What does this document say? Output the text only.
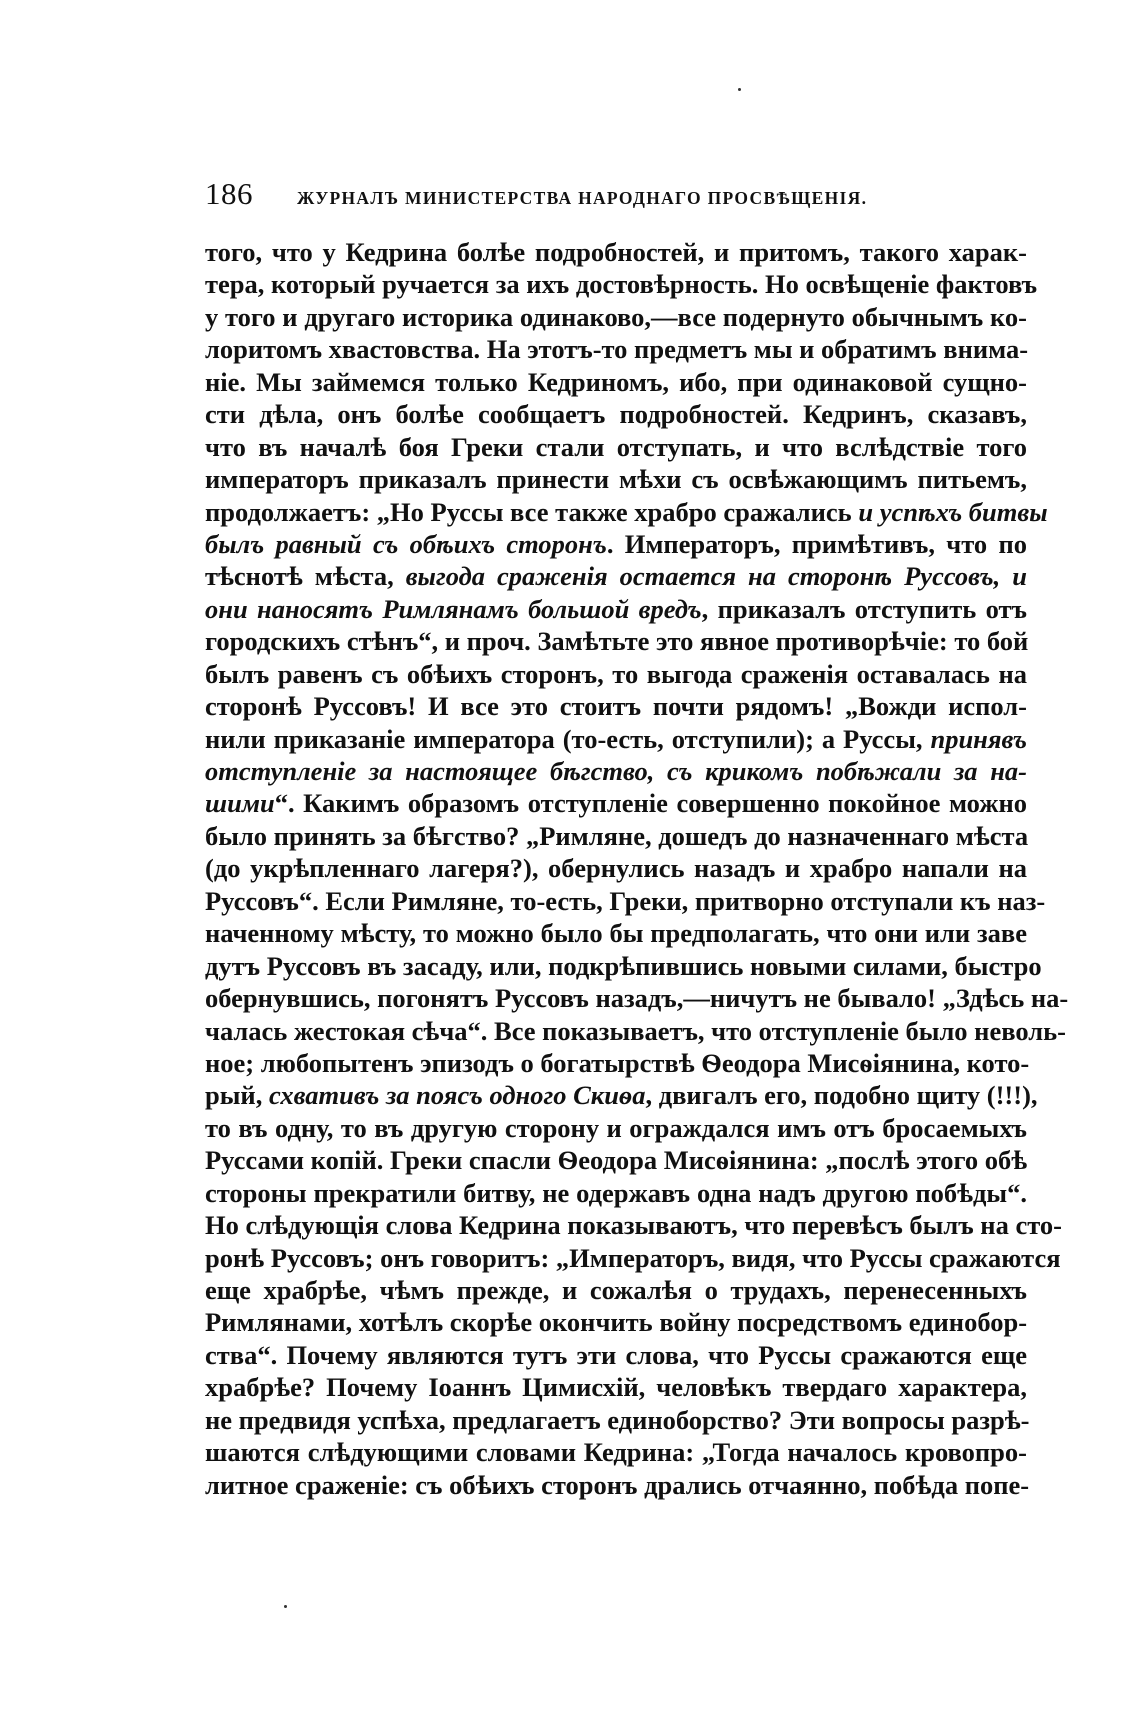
186	ЖУРНАЛЪ МИНИСТЕРСТВА НАРОДНАГО ПРОСВѢЩЕНІЯ.
того, что у Кедрина болѣе подробностей, и притомъ, такого харак-
тера, который ручается за ихъ достовѣрность. Но освѣщеніе фактовъ
у того и другаго историка одинаково,—все подернуто обычнымъ ко-
лоритомъ хвастовства. На этотъ-то предметъ мы и обратимъ внима-
ніе. Мы займемся только Кедриномъ, ибо, при одинаковой сущно-
сти дѣла, онъ болѣе сообщаетъ подробностей. Кедринъ, сказавъ,
что въ началѣ боя Греки стали отступать, и что вслѣдствіе того
императоръ приказалъ принести мѣхи съ освѣжающимъ питьемъ,
продолжаетъ: „Но Руссы все также храбро сражались и успѣхъ битвы
былъ равный съ обѣихъ сторонъ. Императоръ, примѣтивъ, что по
тѣснотѣ мѣста, выгода сраженія остается на сторонѣ Руссовъ, и
они наносятъ Римлянамъ большой вредъ, приказалъ отступить отъ
городскихъ стѣнъ“, и проч. Замѣтьте это явное противорѣчіе: то бой
былъ равенъ съ обѣихъ сторонъ, то выгода сраженія оставалась на
сторонѣ Руссовъ! И все это стоитъ почти рядомъ! „Вожди испол-
нили приказаніе императора (то-есть, отступили); а Руссы, принявъ
отступленіе за настоящее бѣгство, съ крикомъ побѣжали за на-
шими“. Какимъ образомъ отступленіе совершенно покойное можно
было принять за бѣгство? „Римляне, дошедъ до назначеннаго мѣста
(до укрѣпленнаго лагеря?), обернулись назадъ и храбро напали на
Руссовъ“. Если Римляне, то-есть, Греки, притворно отступали къ наз-
наченному мѣсту, то можно было бы предполагать, что они или заве
дутъ Руссовъ въ засаду, или, подкрѣпившись новыми силами, быстро
обернувшись, погонятъ Руссовъ назадъ,—ничутъ не бывало! „Здѣсь на-
чалась жестокая сѣча“. Все показываетъ, что отступленіе было неволь-
ное; любопытенъ эпизодъ о богатырствѣ Ѳеодора Мисѳіянина, кото-
рый, схвативъ за поясъ одного Скиѳа, двигалъ его, подобно щиту (!!!),
то въ одну, то въ другую сторону и ограждался имъ отъ бросаемыхъ
Руссами копій. Греки спасли Ѳеодора Мисѳіянина: „послѣ этого обѣ
стороны прекратили битву, не одержавъ одна надъ другою побѣды“.
Но слѣдующія слова Кедрина показываютъ, что перевѣсъ былъ на сто-
ронѣ Руссовъ; онъ говоритъ: „Императоръ, видя, что Руссы сражаются
еще храбрѣе, чѣмъ прежде, и сожалѣя о трудахъ, перенесенныхъ
Римлянами, хотѣлъ скорѣе окончить войну посредствомъ единобор-
ства“. Почему являются тутъ эти слова, что Руссы сражаются еще
храбрѣе? Почему Іоаннъ Цимисхій, человѣкъ твердаго характера,
не предвидя успѣха, предлагаетъ единоборство? Эти вопросы разрѣ-
шаются слѣдующими словами Кедрина: „Тогда началось кровопро-
литное сраженіе: съ обѣихъ сторонъ дрались отчаянно, побѣда попе-
